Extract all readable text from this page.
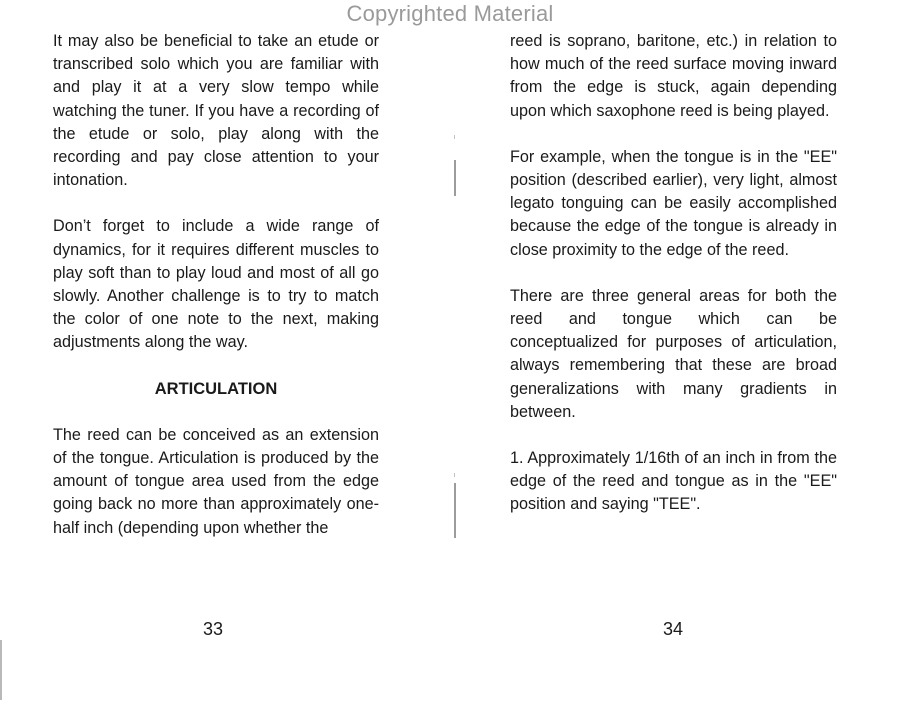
Copyrighted Material

It may also be beneficial to take an etude or transcribed solo which you are familiar with and play it at a very slow tempo while watching the tuner. If you have a recording of the etude or solo, play along with the recording and pay close attention to your intonation.

Don’t forget to include a wide range of dynamics, for it requires different muscles to play soft than to play loud and most of all go slowly. Another challenge is to try to match the color of one note to the next, making adjustments along the way.

ARTICULATION

The reed can be conceived as an extension of the tongue. Articulation is produced by the amount of tongue area used from the edge going back no more than approximately one-half inch (depending upon whether the

reed is soprano, baritone, etc.) in relation to how much of the reed surface moving inward from the edge is stuck, again depending upon which saxophone reed is being played.

For example, when the tongue is in the "EE" position (described earlier), very light, almost legato tonguing can be easily accomplished because the edge of the tongue is already in close proximity to the edge of the reed.

There are three general areas for both the reed and tongue which can be conceptualized for purposes of articulation, always remembering that these are broad generalizations with many gradients in between.

1. Approximately 1/16th of an inch in from the edge of the reed and tongue as in the "EE" position and saying "TEE".

33	34
